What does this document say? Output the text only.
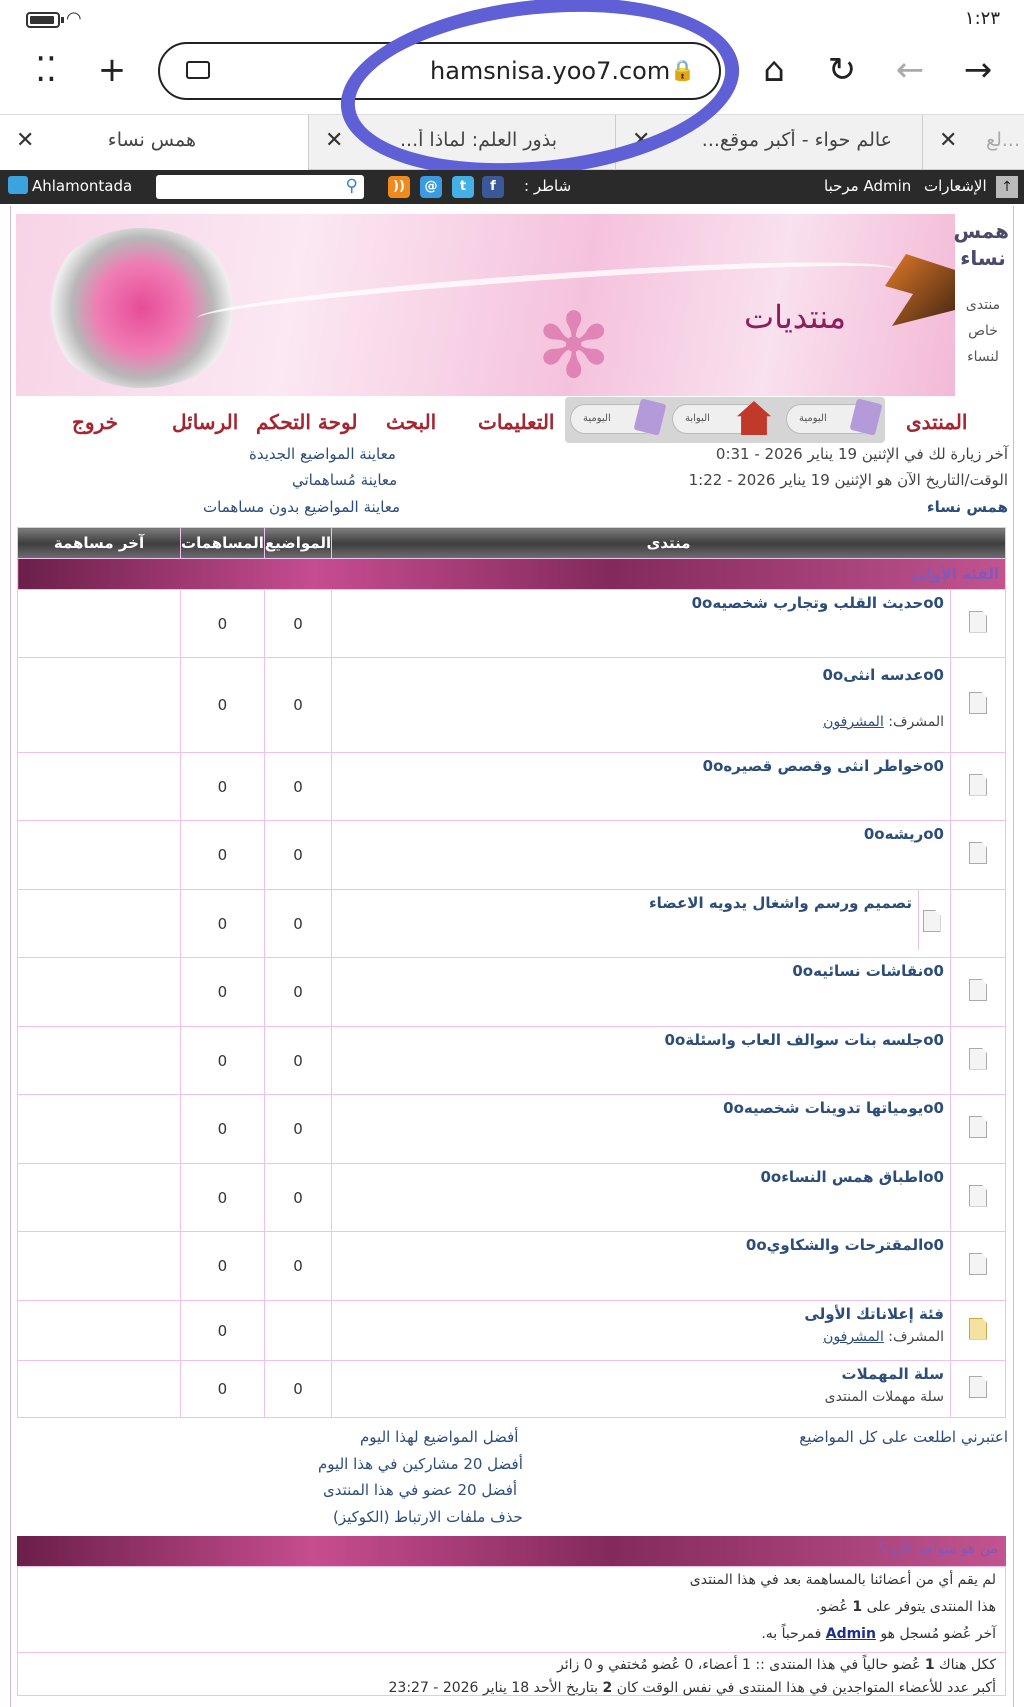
◠	١:٢٣
⁚⁚	+	hamsnisa.yoo7.com 🔒	⌂	↻	←	→
✕	همس نساء	✕	بذور العلم: لماذا أ...	✕	عالم حواء - أكبر موقع... ✕ ...لع
Ahlamontada	⚲	))	@	t	f	: شاطر	مرحبا Admin الإشعارات	↑
✻	منتديات
همس نساء
منتدى خاص لنساء
اليومية	البوابة	اليومية	المنتدى
التعليمات
البحث
لوحة التحكم
الرسائل
خروج
آخر زيارة لك في الإثنين 19 يناير 2026 - 0:31
الوقت/التاريخ الآن هو الإثنين 19 يناير 2026 - 1:22
همس نساء
معاينة المواضيع الجديدة
معاينة مُساهماتي
معاينة المواضيع بدون مساهمات
منتدى		المواضيع	المساهمات	آخر مساهمة
الفئة الأولى				

	o0حديث القلب وتجارب شخصيه0o	0	0	

	o0عدسه انثى0o
المشرف: المشرفون	0	0	

	o0خواطر انثى وقصص قصيره0o	0	0	

	o0ريشه0o	0	0	

	تصميم ورسم واشغال يدويه الاعضاء	0	0	

	o0نقاشات نسائيه0o	0	0	

	o0جلسه بنات سوالف العاب واسئلة0o	0	0	

	o0يومياتها تدوينات شخصيه0o	0	0	

	o0اطباق همس النساء0o	0	0	

	o0المقترحات والشكاوي0o	0	0	

	فئة إعلاناتك الأولى
المشرف: المشرفون		0	

	سلة المهملات
سلة مهملات المنتدى	0	0	
اعتبرني اطلعت على كل المواضيع
أفضل المواضيع لهذا اليوم
أفضل 20 مشاركين في هذا اليوم
أفضل 20 عضو في هذا المنتدى
حذف ملفات الارتباط (الكوكيز)
من هو متواجد الآن ؟
لم يقم أي من أعضائنا بالمساهمة بعد في هذا المنتدى
هذا المنتدى يتوفر على 1 عُضو.
آخر عُضو مُسجل هو Admin فمرحباً به.
ككل هناك 1 عُضو حالياً في هذا المنتدى :: 1 أعضاء، 0 عُضو مُختفي و 0 زائر
أكبر عدد للأعضاء المتواجدين في هذا المنتدى في نفس الوقت كان 2 بتاريخ الأحد 18 يناير 2026 - 23:27
